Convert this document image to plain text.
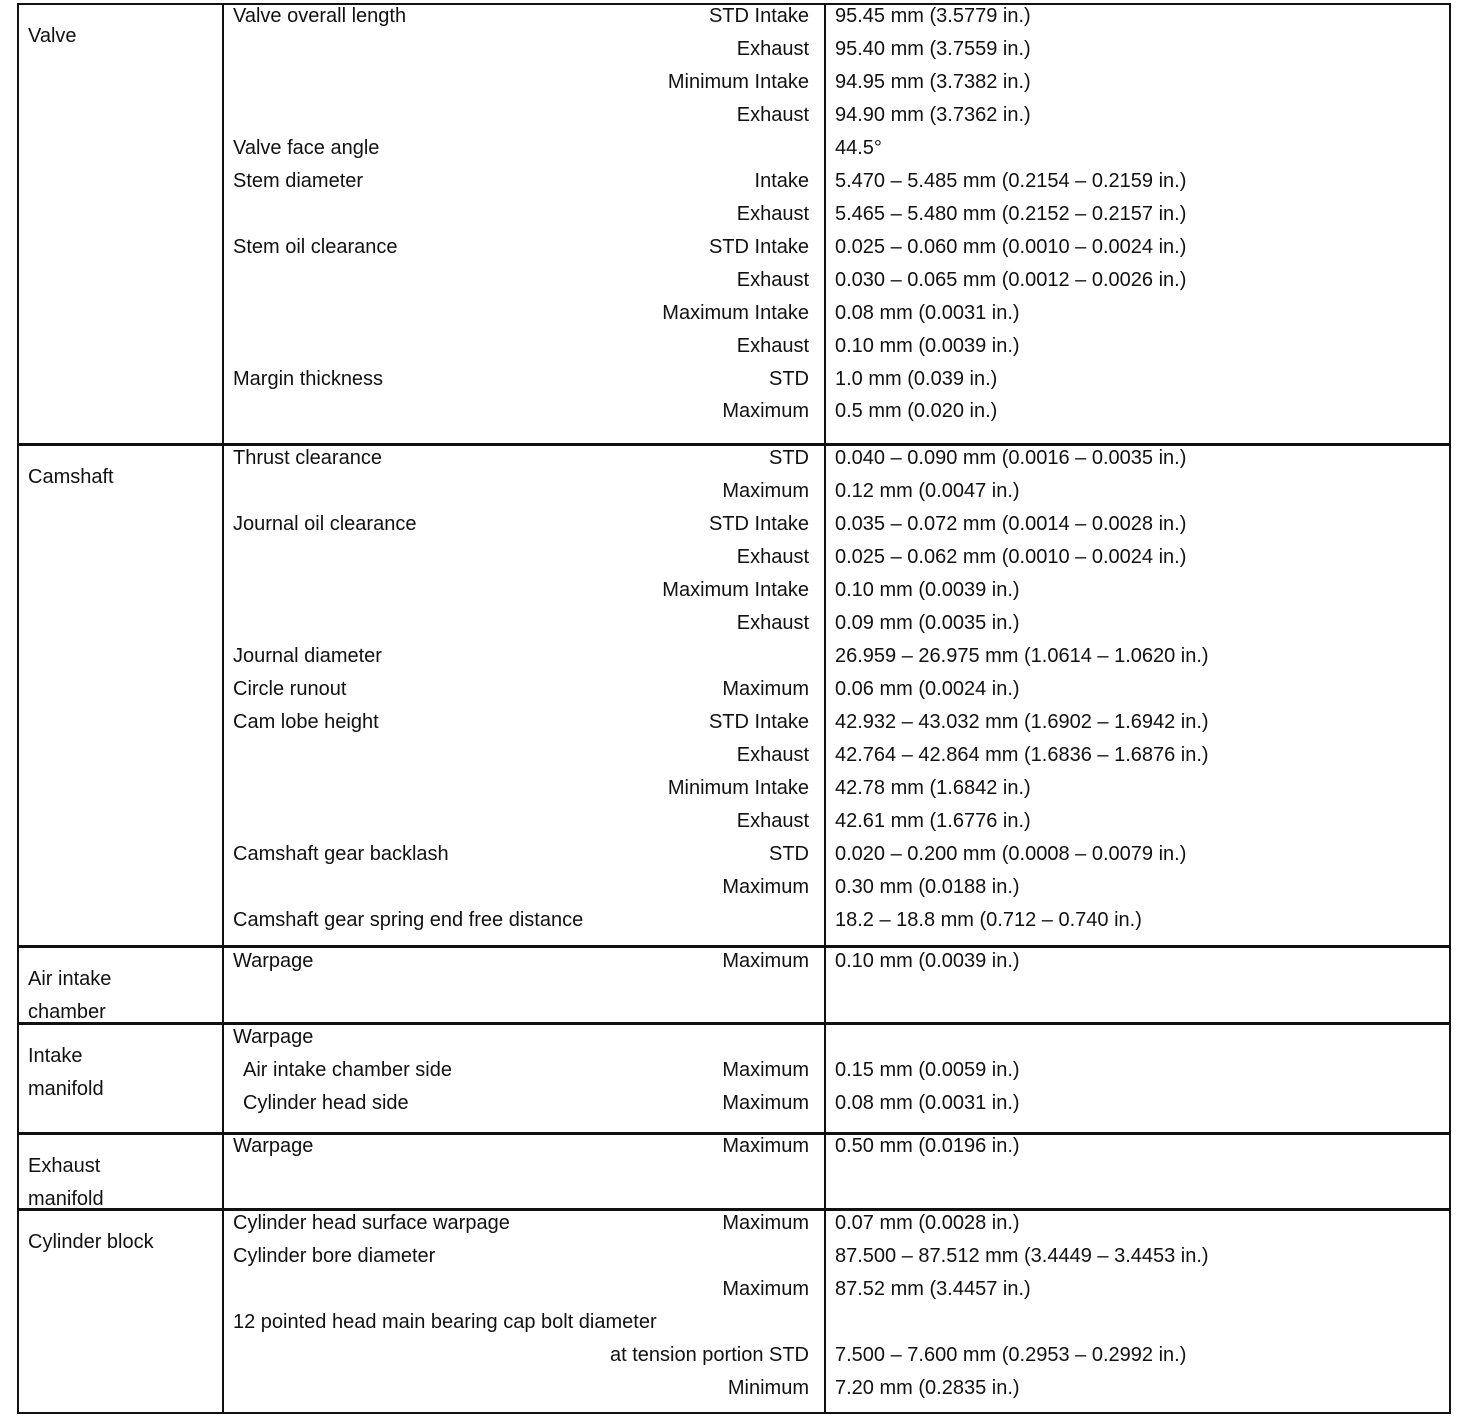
Valve
Valve overall length	STD Intake 95.45 mm (3.5779 in.)
Exhaust 95.40 mm (3.7559 in.)
Minimum Intake 94.95 mm (3.7382 in.)
Exhaust 94.90 mm (3.7362 in.)
Valve face angle	44.5°
Stem diameter	Intake 5.470 – 5.485 mm (0.2154 – 0.2159 in.)
Exhaust 5.465 – 5.480 mm (0.2152 – 0.2157 in.)
Stem oil clearance	STD Intake 0.025 – 0.060 mm (0.0010 – 0.0024 in.)
Exhaust 0.030 – 0.065 mm (0.0012 – 0.0026 in.)
Maximum Intake 0.08 mm (0.0031 in.)
Exhaust 0.10 mm (0.0039 in.)
Margin thickness	STD 1.0 mm (0.039 in.)
Maximum 0.5 mm (0.020 in.)
Camshaft
Thrust clearance	STD 0.040 – 0.090 mm (0.0016 – 0.0035 in.)
Maximum 0.12 mm (0.0047 in.)
Journal oil clearance	STD Intake 0.035 – 0.072 mm (0.0014 – 0.0028 in.)
Exhaust 0.025 – 0.062 mm (0.0010 – 0.0024 in.)
Maximum Intake 0.10 mm (0.0039 in.)
Exhaust 0.09 mm (0.0035 in.)
Journal diameter	26.959 – 26.975 mm (1.0614 – 1.0620 in.)
Circle runout	Maximum 0.06 mm (0.0024 in.)
Cam lobe height	STD Intake 42.932 – 43.032 mm (1.6902 – 1.6942 in.)
Exhaust 42.764 – 42.864 mm (1.6836 – 1.6876 in.)
Minimum Intake 42.78 mm (1.6842 in.)
Exhaust 42.61 mm (1.6776 in.)
Camshaft gear backlash	STD 0.020 – 0.200 mm (0.0008 – 0.0079 in.)
Maximum 0.30 mm (0.0188 in.)
Camshaft gear spring end free distance	18.2 – 18.8 mm (0.712 – 0.740 in.)
Air intake
chamber
Warpage	Maximum 0.10 mm (0.0039 in.)
Intake
manifold
Warpage
Air intake chamber side	Maximum 0.15 mm (0.0059 in.)
Cylinder head side	Maximum 0.08 mm (0.0031 in.)
Exhaust
manifold
Warpage	Maximum 0.50 mm (0.0196 in.)
Cylinder block
Cylinder head surface warpage	Maximum 0.07 mm (0.0028 in.)
Cylinder bore diameter	87.500 – 87.512 mm (3.4449 – 3.4453 in.)
Maximum 87.52 mm (3.4457 in.)
12 pointed head main bearing cap bolt diameter
at tension portion STD 7.500 – 7.600 mm (0.2953 – 0.2992 in.)
Minimum 7.20 mm (0.2835 in.)
